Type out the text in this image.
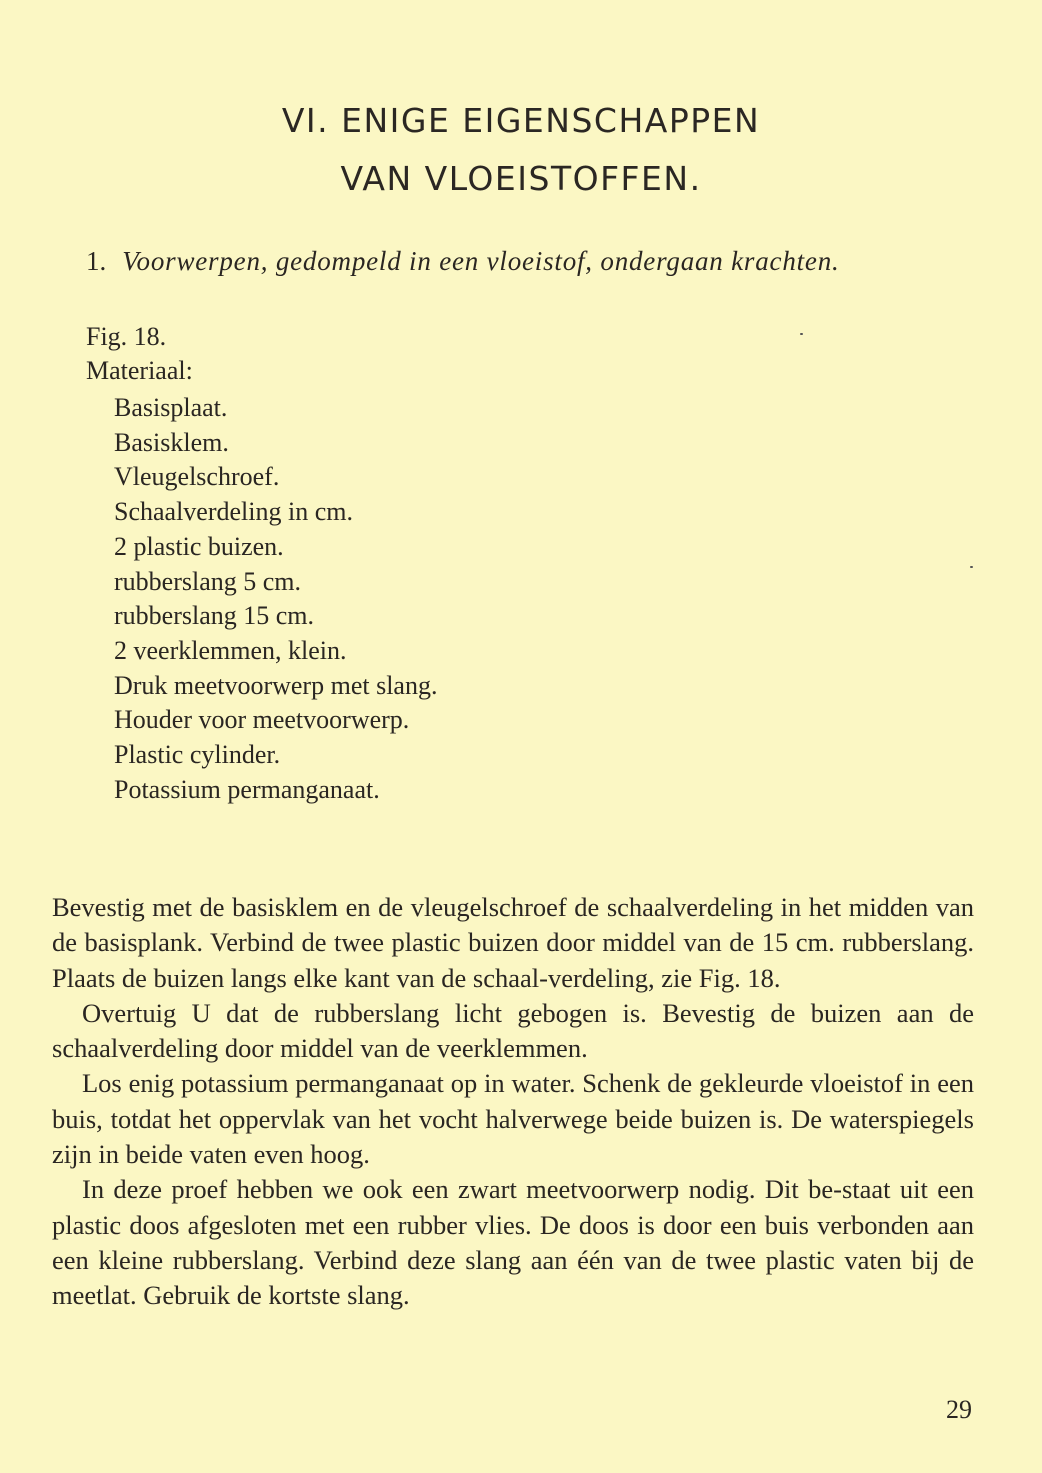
VI. ENIGE EIGENSCHAPPEN
VAN VLOEISTOFFEN.
1. Voorwerpen, gedompeld in een vloeistof, ondergaan krachten.
Fig. 18.
Materiaal:
Basisplaat.
Basisklem.
Vleugelschroef.
Schaalverdeling in cm.
2 plastic buizen.
rubberslang 5 cm.
rubberslang 15 cm.
2 veerklemmen, klein.
Druk meetvoorwerp met slang.
Houder voor meetvoorwerp.
Plastic cylinder.
Potassium permanganaat.

Bevestig met de basisklem en de vleugelschroef de schaalverdeling in het midden van de basisplank. Verbind de twee plastic buizen door middel van de 15 cm. rubberslang. Plaats de buizen langs elke kant van de schaal-verdeling, zie Fig. 18.

Overtuig U dat de rubberslang licht gebogen is. Bevestig de buizen aan de schaalverdeling door middel van de veerklemmen.

Los enig potassium permanganaat op in water. Schenk de gekleurde vloeistof in een buis, totdat het oppervlak van het vocht halverwege beide buizen is. De waterspiegels zijn in beide vaten even hoog.

In deze proef hebben we ook een zwart meetvoorwerp nodig. Dit be-staat uit een plastic doos afgesloten met een rubber vlies. De doos is door een buis verbonden aan een kleine rubberslang. Verbind deze slang aan één van de twee plastic vaten bij de meetlat. Gebruik de kortste slang.

29
